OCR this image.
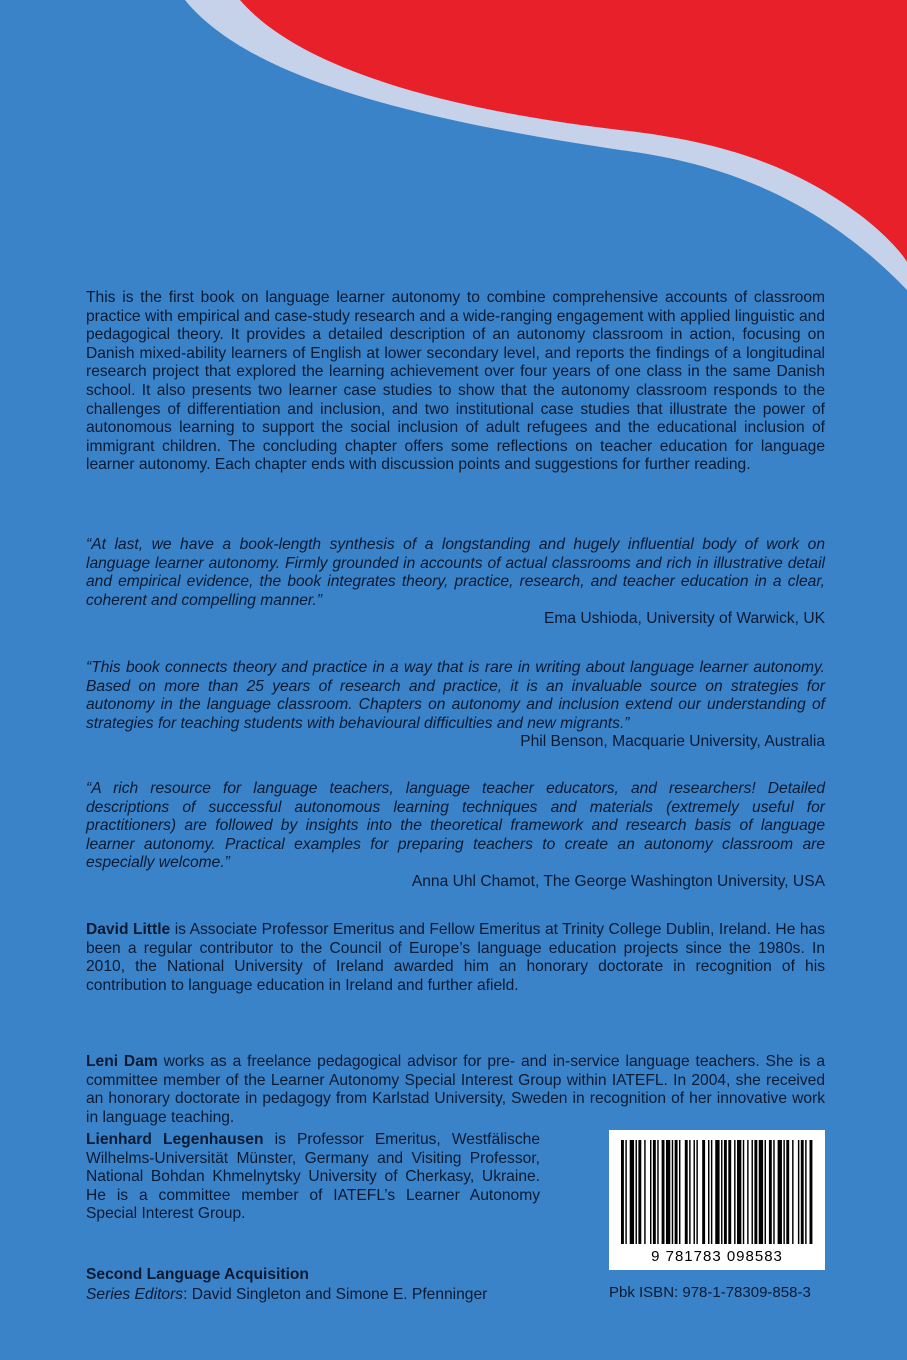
This is the first book on language learner autonomy to combine comprehensive accounts of classroom practice with empirical and case-study research and a wide-ranging engagement with applied linguistic and pedagogical theory. It provides a detailed description of an autonomy classroom in action, focusing on Danish mixed-ability learners of English at lower secondary level, and reports the findings of a longitudinal research project that explored the learning achievement over four years of one class in the same Danish school. It also presents two learner case studies to show that the autonomy classroom responds to the challenges of differentiation and inclusion, and two institutional case studies that illustrate the power of autonomous learning to support the social inclusion of adult refugees and the educational inclusion of immigrant children. The concluding chapter offers some reflections on teacher education for language learner autonomy. Each chapter ends with discussion points and suggestions for further reading.
“At last, we have a book-length synthesis of a longstanding and hugely influential body of work on language learner autonomy. Firmly grounded in accounts of actual classrooms and rich in illustrative detail and empirical evidence, the book integrates theory, practice, research, and teacher education in a clear, coherent and compelling manner.”
Ema Ushioda, University of Warwick, UK
“This book connects theory and practice in a way that is rare in writing about language learner autonomy. Based on more than 25 years of research and practice, it is an invaluable source on strategies for autonomy in the language classroom. Chapters on autonomy and inclusion extend our understanding of strategies for teaching students with behavioural difficulties and new migrants.”
Phil Benson, Macquarie University, Australia
“A rich resource for language teachers, language teacher educators, and researchers! Detailed descriptions of successful autonomous learning techniques and materials (extremely useful for practitioners) are followed by insights into the theoretical framework and research basis of language learner autonomy. Practical examples for preparing teachers to create an autonomy classroom are especially welcome.”
Anna Uhl Chamot, The George Washington University, USA
David Little is Associate Professor Emeritus and Fellow Emeritus at Trinity College Dublin, Ireland. He has been a regular contributor to the Council of Europe’s language education projects since the 1980s. In 2010, the National University of Ireland awarded him an honorary doctorate in recognition of his contribution to language education in Ireland and further afield.
Leni Dam works as a freelance pedagogical advisor for pre- and in-service language teachers. She is a committee member of the Learner Autonomy Special Interest Group within IATEFL. In 2004, she received an honorary doctorate in pedagogy from Karlstad University, Sweden in recognition of her innovative work in language teaching.
Lienhard Legenhausen is Professor Emeritus, Westfälische Wilhelms-Universität Münster, Germany and Visiting Professor, National Bohdan Khmelnytsky University of Cherkasy, Ukraine. He is a committee member of IATEFL’s Learner Autonomy Special Interest Group.
Second Language Acquisition
Series Editors: David Singleton and Simone E. Pfenninger
9 781783 098583
Pbk ISBN: 978-1-78309-858-3
